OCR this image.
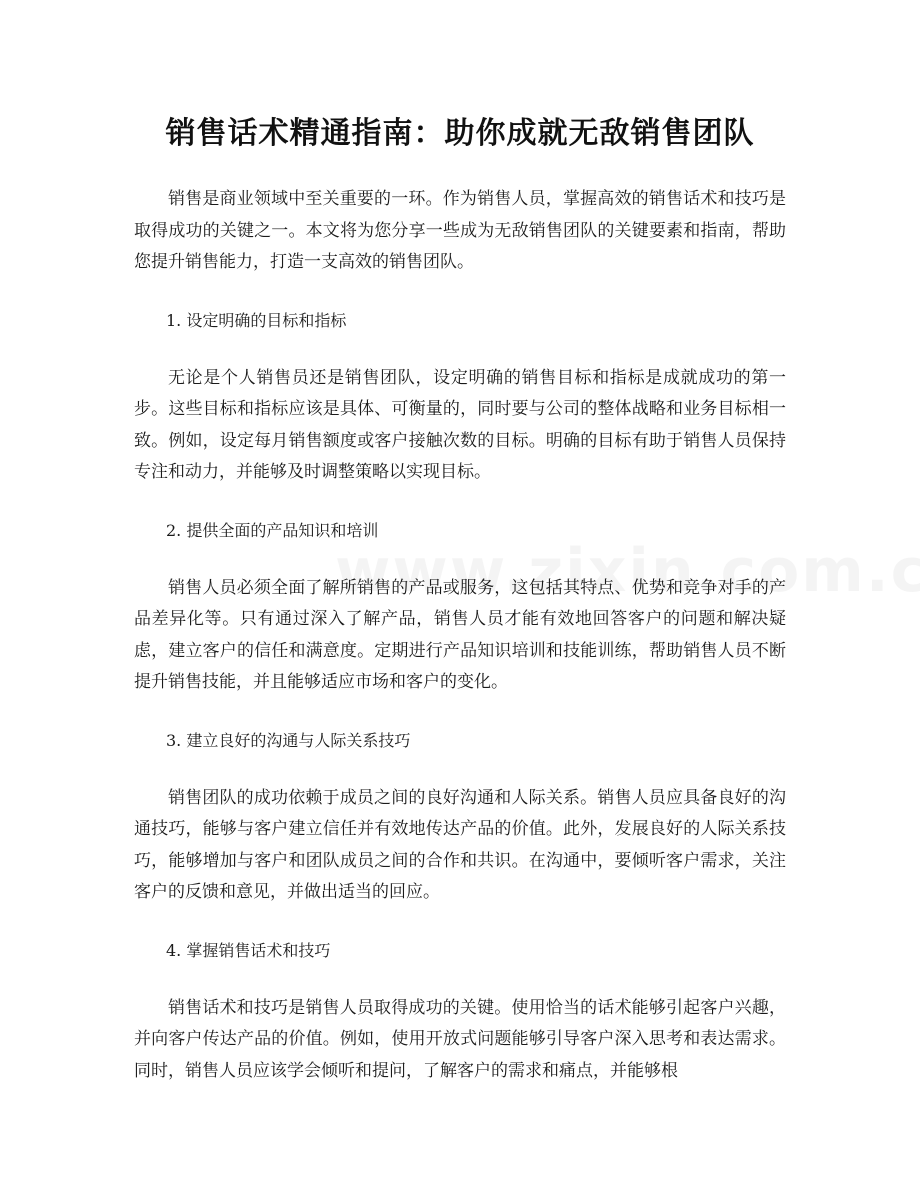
销售话术精通指南：助你成就无敌销售团队

销售是商业领域中至关重要的一环。作为销售人员，掌握高效的销售话术和技巧是取得成功的关键之一。本文将为您分享一些成为无敌销售团队的关键要素和指南，帮助您提升销售能力，打造一支高效的销售团队。

1. 设定明确的目标和指标

无论是个人销售员还是销售团队，设定明确的销售目标和指标是成就成功的第一步。这些目标和指标应该是具体、可衡量的，同时要与公司的整体战略和业务目标相一致。例如，设定每月销售额度或客户接触次数的目标。明确的目标有助于销售人员保持专注和动力，并能够及时调整策略以实现目标。

2. 提供全面的产品知识和培训

销售人员必须全面了解所销售的产品或服务，这包括其特点、优势和竞争对手的产品差异化等。只有通过深入了解产品，销售人员才能有效地回答客户的问题和解决疑虑，建立客户的信任和满意度。定期进行产品知识培训和技能训练，帮助销售人员不断提升销售技能，并且能够适应市场和客户的变化。

3. 建立良好的沟通与人际关系技巧

销售团队的成功依赖于成员之间的良好沟通和人际关系。销售人员应具备良好的沟通技巧，能够与客户建立信任并有效地传达产品的价值。此外，发展良好的人际关系技巧，能够增加与客户和团队成员之间的合作和共识。在沟通中，要倾听客户需求，关注客户的反馈和意见，并做出适当的回应。

4. 掌握销售话术和技巧

销售话术和技巧是销售人员取得成功的关键。使用恰当的话术能够引起客户兴趣，并向客户传达产品的价值。例如，使用开放式问题能够引导客户深入思考和表达需求。同时，销售人员应该学会倾听和提问，了解客户的需求和痛点，并能够根
